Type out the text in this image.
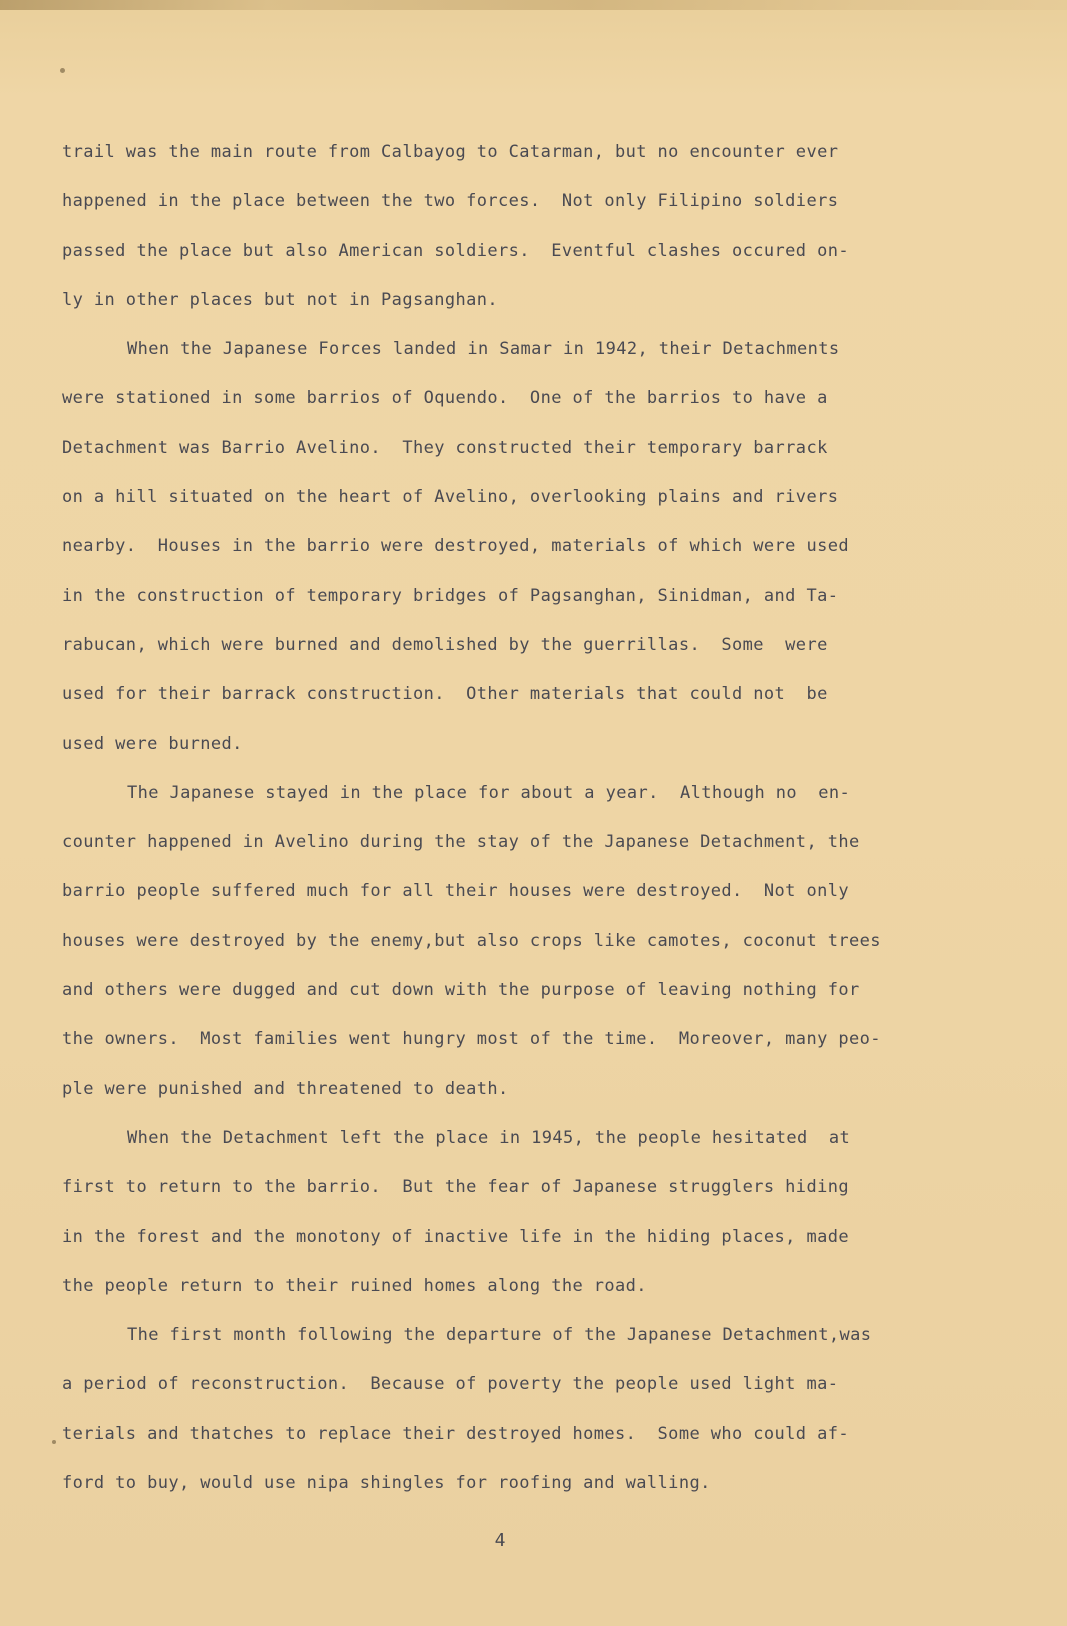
trail was the main route from Calbayog to Catarman, but no encounter ever
happened in the place between the two forces.  Not only Filipino soldiers
passed the place but also American soldiers.  Eventful clashes occured on-
ly in other places but not in Pagsanghan.
When the Japanese Forces landed in Samar in 1942, their Detachments
were stationed in some barrios of Oquendo.  One of the barrios to have a
Detachment was Barrio Avelino.  They constructed their temporary barrack
on a hill situated on the heart of Avelino, overlooking plains and rivers
nearby.  Houses in the barrio were destroyed, materials of which were used
in the construction of temporary bridges of Pagsanghan, Sinidman, and Ta-
rabucan, which were burned and demolished by the guerrillas.  Some  were
used for their barrack construction.  Other materials that could not  be
used were burned.
The Japanese stayed in the place for about a year.  Although no  en-
counter happened in Avelino during the stay of the Japanese Detachment, the
barrio people suffered much for all their houses were destroyed.  Not only
houses were destroyed by the enemy,but also crops like camotes, coconut trees
and others were dugged and cut down with the purpose of leaving nothing for
the owners.  Most families went hungry most of the time.  Moreover, many peo-
ple were punished and threatened to death.
When the Detachment left the place in 1945, the people hesitated  at
first to return to the barrio.  But the fear of Japanese strugglers hiding
in the forest and the monotony of inactive life in the hiding places, made
the people return to their ruined homes along the road.
The first month following the departure of the Japanese Detachment,was
a period of reconstruction.  Because of poverty the people used light ma-
terials and thatches to replace their destroyed homes.  Some who could af-
ford to buy, would use nipa shingles for roofing and walling.
4
